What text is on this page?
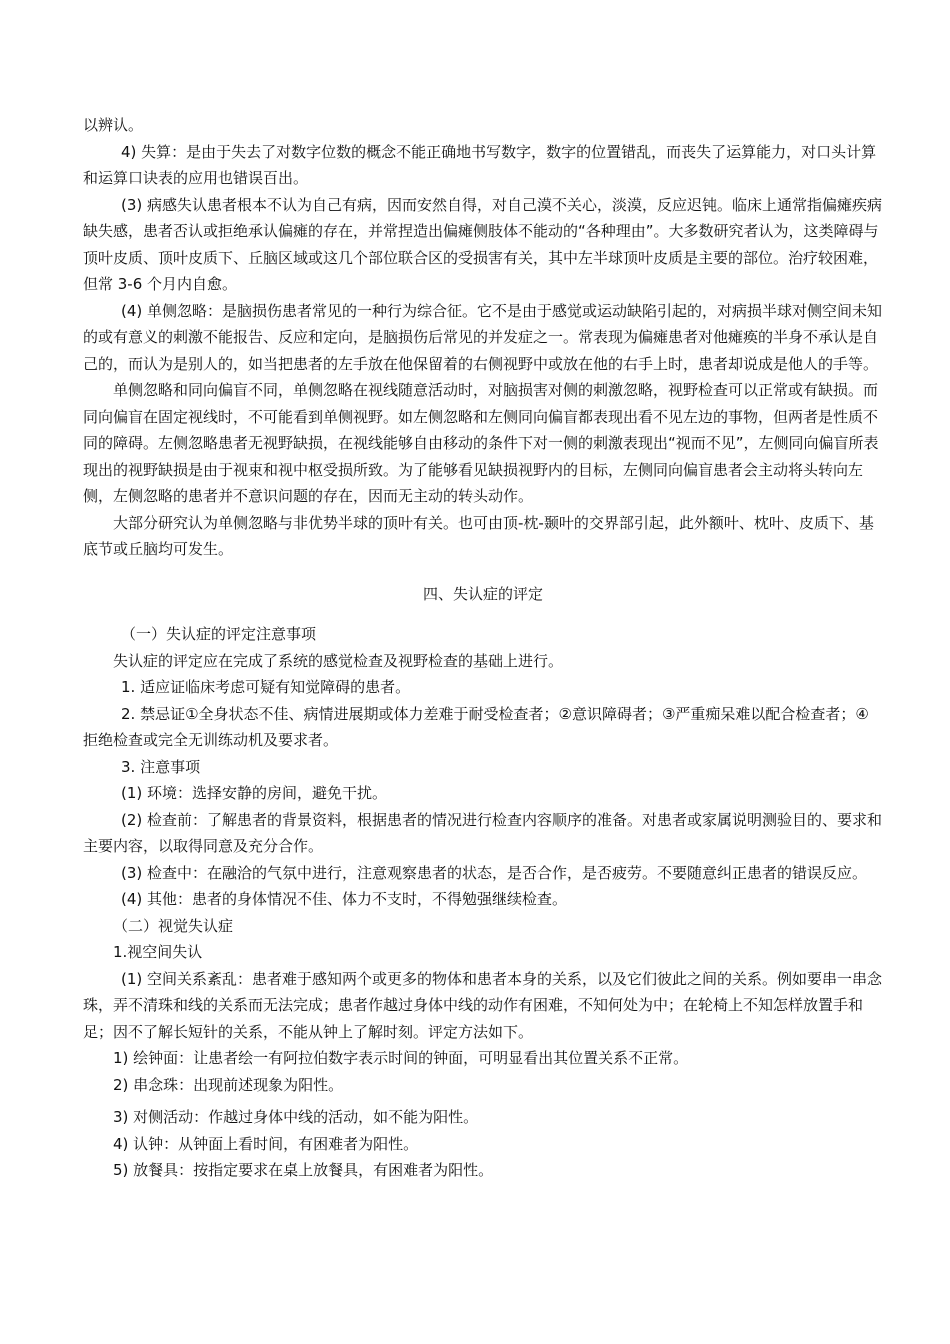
以辨认。

4) 失算：是由于失去了对数字位数的概念不能正确地书写数字，数字的位置错乱，而丧失了运算能力，对口头计算和运算口诀表的应用也错误百出。

(3) 病感失认患者根本不认为自己有病，因而安然自得，对自己漠不关心，淡漠，反应迟钝。临床上通常指偏瘫疾病缺失感，患者否认或拒绝承认偏瘫的存在，并常捏造出偏瘫侧肢体不能动的“各种理由”。大多数研究者认为，这类障碍与顶叶皮质、顶叶皮质下、丘脑区域或这几个部位联合区的受损害有关，其中左半球顶叶皮质是主要的部位。治疗较困难，但常 3-6 个月内自愈。

(4) 单侧忽略：是脑损伤患者常见的一种行为综合征。它不是由于感觉或运动缺陷引起的，对病损半球对侧空间未知的或有意义的刺激不能报告、反应和定向，是脑损伤后常见的并发症之一。常表现为偏瘫患者对他瘫痪的半身不承认是自己的，而认为是别人的，如当把患者的左手放在他保留着的右侧视野中或放在他的右手上时，患者却说成是他人的手等。

单侧忽略和同向偏盲不同，单侧忽略在视线随意活动时，对脑损害对侧的刺激忽略，视野检查可以正常或有缺损。而同向偏盲在固定视线时，不可能看到单侧视野。如左侧忽略和左侧同向偏盲都表现出看不见左边的事物，但两者是性质不同的障碍。左侧忽略患者无视野缺损，在视线能够自由移动的条件下对一侧的刺激表现出“视而不见”，左侧同向偏盲所表现出的视野缺损是由于视束和视中枢受损所致。为了能够看见缺损视野内的目标，左侧同向偏盲患者会主动将头转向左侧，左侧忽略的患者并不意识问题的存在，因而无主动的转头动作。

大部分研究认为单侧忽略与非优势半球的顶叶有关。也可由顶-枕-颞叶的交界部引起，此外额叶、枕叶、皮质下、基底节或丘脑均可发生。

四、失认症的评定

（一）失认症的评定注意事项

失认症的评定应在完成了系统的感觉检查及视野检查的基础上进行。

1. 适应证临床考虑可疑有知觉障碍的患者。

2. 禁忌证①全身状态不佳、病情进展期或体力差难于耐受检查者；②意识障碍者；③严重痴呆难以配合检查者；④拒绝检查或完全无训练动机及要求者。

3. 注意事项

(1) 环境：选择安静的房间，避免干扰。

(2) 检查前：了解患者的背景资料，根据患者的情况进行检查内容顺序的准备。对患者或家属说明测验目的、要求和主要内容，以取得同意及充分合作。

(3) 检查中：在融洽的气氛中进行，注意观察患者的状态，是否合作，是否疲劳。不要随意纠正患者的错误反应。

(4) 其他：患者的身体情况不佳、体力不支时，不得勉强继续检查。

（二）视觉失认症

1.视空间失认

(1) 空间关系紊乱：患者难于感知两个或更多的物体和患者本身的关系，以及它们彼此之间的关系。例如要串一串念珠，弄不清珠和线的关系而无法完成；患者作越过身体中线的动作有困难，不知何处为中；在轮椅上不知怎样放置手和足；因不了解长短针的关系，不能从钟上了解时刻。评定方法如下。

1) 绘钟面：让患者绘一有阿拉伯数字表示时间的钟面，可明显看出其位置关系不正常。

2) 串念珠：出现前述现象为阳性。

3) 对侧活动：作越过身体中线的活动，如不能为阳性。

4) 认钟：从钟面上看时间，有困难者为阳性。

5) 放餐具：按指定要求在桌上放餐具，有困难者为阳性。
